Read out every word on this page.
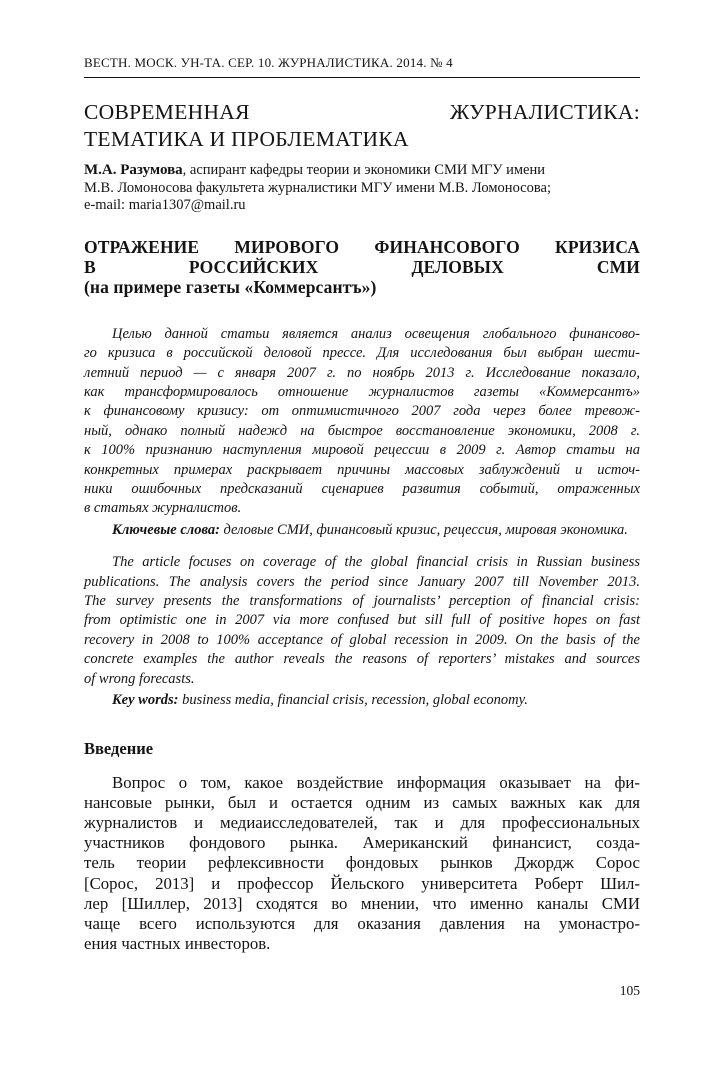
ВЕСТН. МОСК. УН-ТА. СЕР. 10. ЖУРНАЛИСТИКА. 2014. № 4
СОВРЕМЕННАЯ ЖУРНАЛИСТИКА:
ТЕМАТИКА И ПРОБЛЕМАТИКА
М.А. Разумова, аспирант кафедры теории и экономики СМИ МГУ имени
М.В. Ломоносова факультета журналистики МГУ имени М.В. Ломоносова;
e-mail: maria1307@mail.ru
ОТРАЖЕНИЕ МИРОВОГО ФИНАНСОВОГО КРИЗИСА
В РОССИЙСКИХ ДЕЛОВЫХ СМИ
(на примере газеты «Коммерсантъ»)
Целью данной статьи является анализ освещения глобального финансово-
го кризиса в российской деловой прессе. Для исследования был выбран шести-
летний период — с января 2007 г. по ноябрь 2013 г. Исследование показало,
как трансформировалось отношение журналистов газеты «Коммерсантъ»
к финансовому кризису: от оптимистичного 2007 года через более тревож-
ный, однако полный надежд на быстрое восстановление экономики, 2008 г.
к 100% признанию наступления мировой рецессии в 2009 г. Автор статьи на
конкретных примерах раскрывает причины массовых заблуждений и источ-
ники ошибочных предсказаний сценариев развития событий, отраженных
в статьях журналистов.
Ключевые слова: деловые СМИ, финансовый кризис, рецессия, мировая экономика.
The article focuses on coverage of the global financial crisis in Russian business
publications. The analysis covers the period since January 2007 till November 2013.
The survey presents the transformations of journalists’ perception of financial crisis:
from optimistic one in 2007 via more confused but sill full of positive hopes on fast
recovery in 2008 to 100% acceptance of global recession in 2009. On the basis of the
concrete examples the author reveals the reasons of reporters’ mistakes and sources
of wrong forecasts.
Key words: business media, financial crisis, recession, global economy.
Введение
Вопрос о том, какое воздействие информация оказывает на фи-
нансовые рынки, был и остается одним из самых важных как для
журналистов и медиаисследователей, так и для профессиональных
участников фондового рынка. Американский финансист, созда-
тель теории рефлексивности фондовых рынков Джордж Сорос
[Сорос, 2013] и профессор Йельского университета Роберт Шил-
лер [Шиллер, 2013] сходятся во мнении, что именно каналы СМИ
чаще всего используются для оказания давления на умонастро-
ения частных инвесторов.
105
